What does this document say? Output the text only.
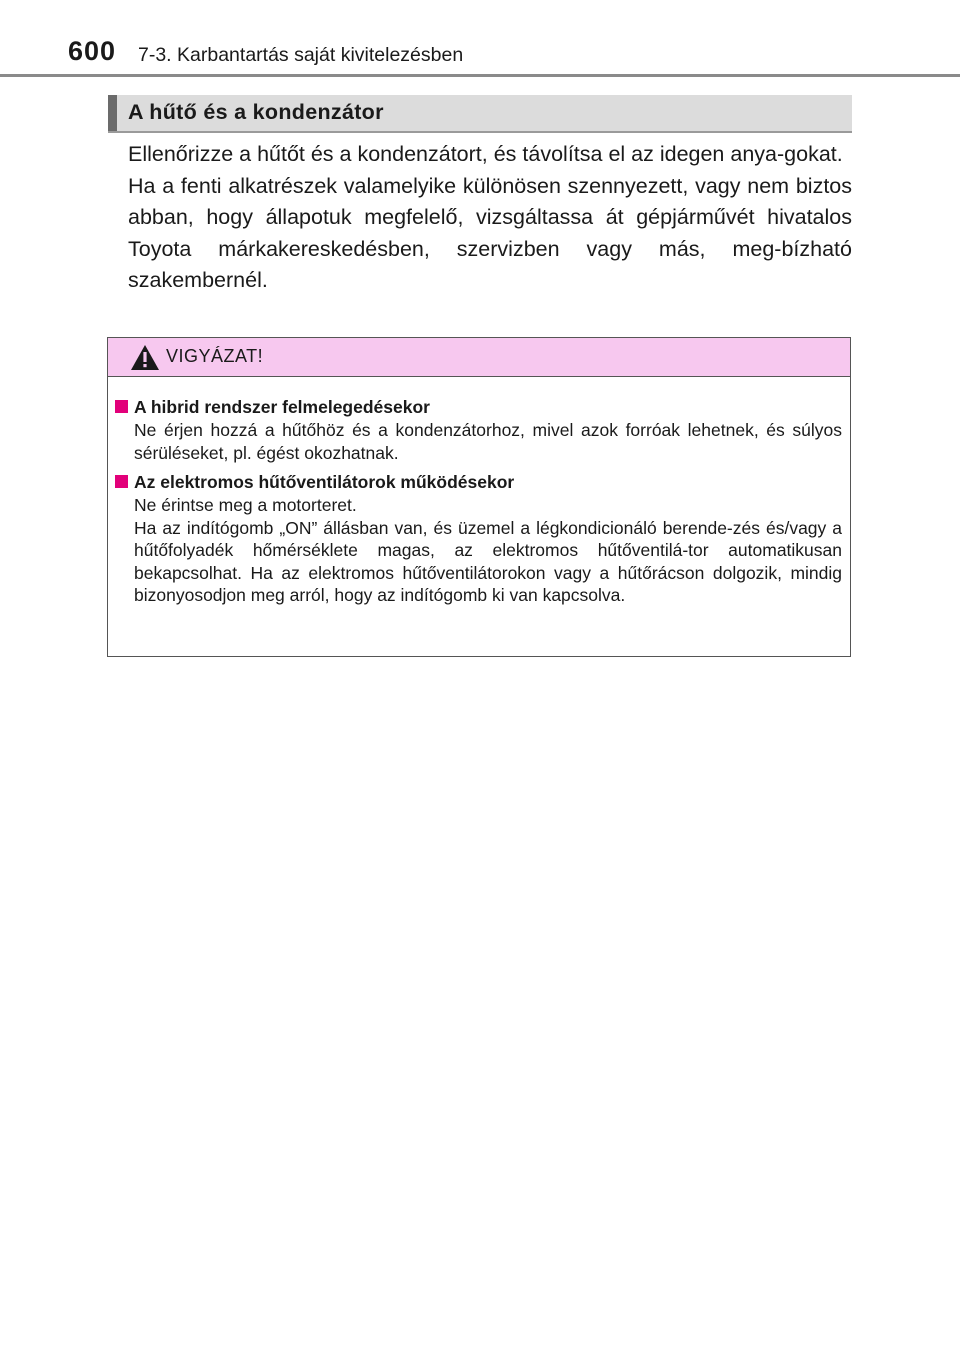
600 7-3. Karbantartás saját kivitelezésben
A hűtő és a kondenzátor

Ellenőrizze a hűtőt és a kondenzátort, és távolítsa el az idegen anya-gokat.

Ha a fenti alkatrészek valamelyike különösen szennyezett, vagy nem biztos abban, hogy állapotuk megfelelő, vizsgáltassa át gépjárművét hivatalos Toyota márkakereskedésben, szervizben vagy más, meg-bízható szakembernél.

VIGYÁZAT!
A hibrid rendszer felmelegedésekor

Ne érjen hozzá a hűtőhöz és a kondenzátorhoz, mivel azok forróak lehetnek, és súlyos sérüléseket, pl. égést okozhatnak.

Az elektromos hűtőventilátorok működésekor

Ne érintse meg a motorteret.

Ha az indítógomb „ON” állásban van, és üzemel a légkondicionáló berende-zés és/vagy a hűtőfolyadék hőmérséklete magas, az elektromos hűtőventilá-tor automatikusan bekapcsolhat. Ha az elektromos hűtőventilátorokon vagy a hűtőrácson dolgozik, mindig bizonyosodjon meg arról, hogy az indítógomb ki van kapcsolva.
